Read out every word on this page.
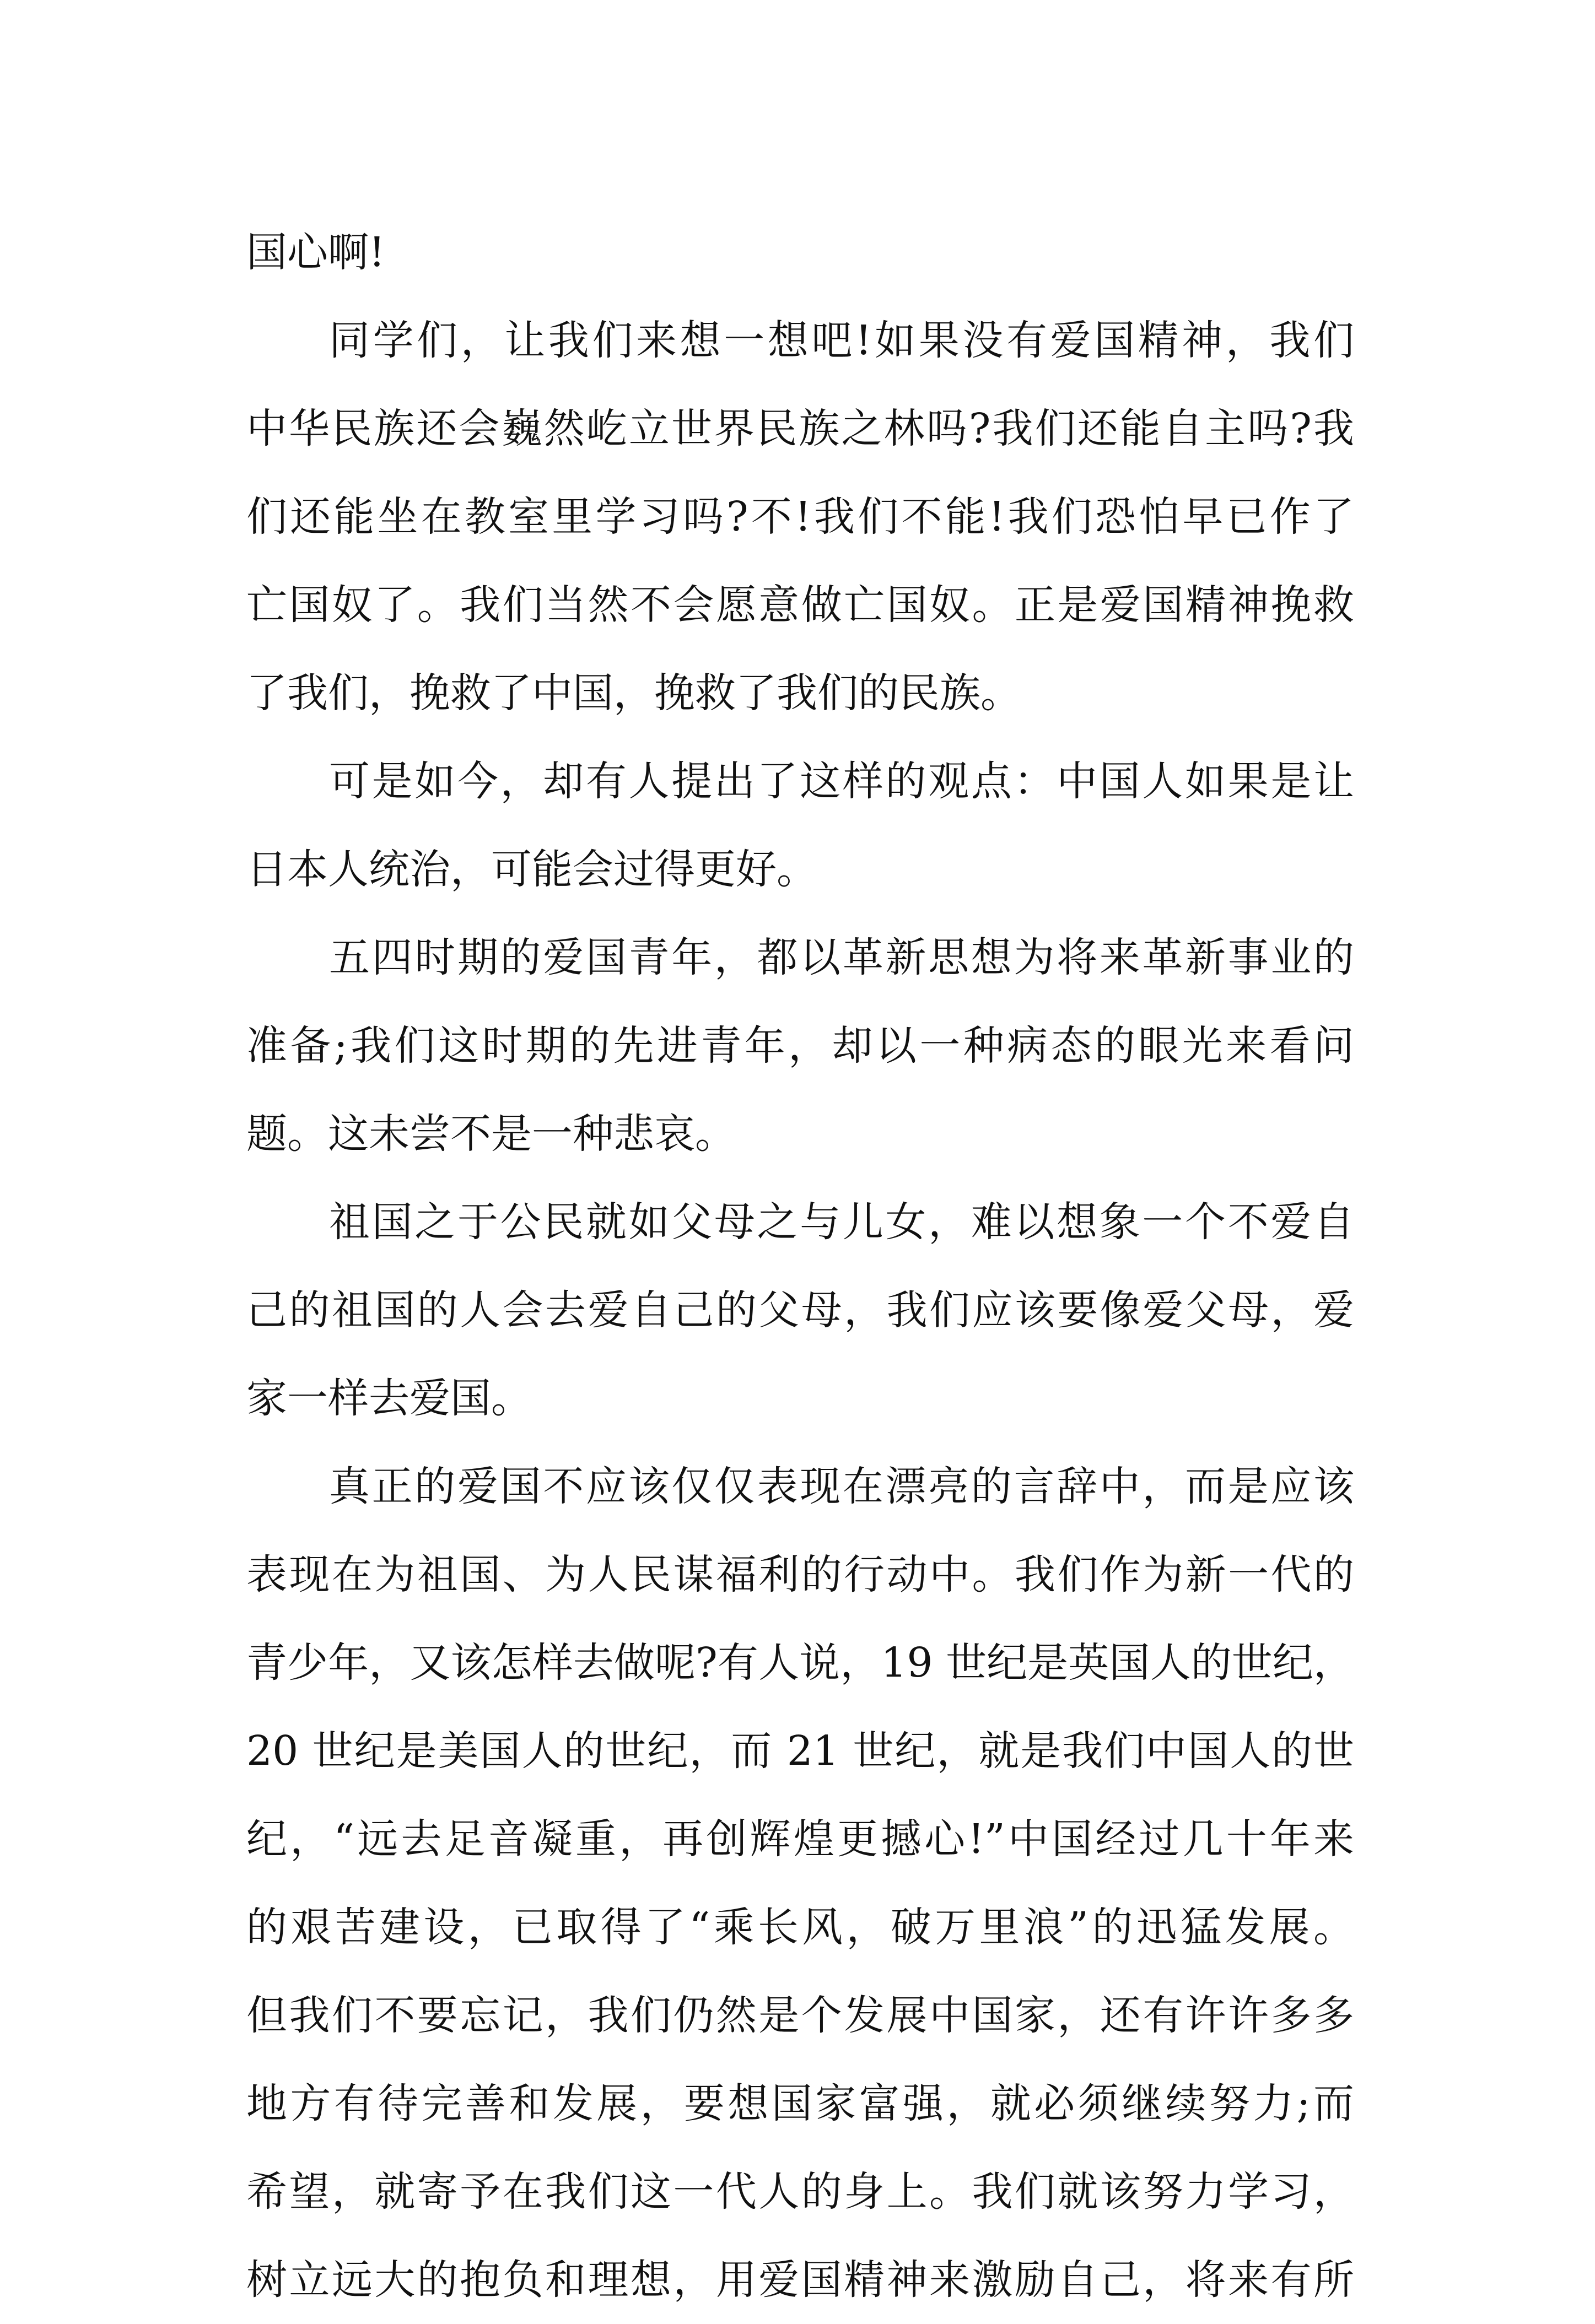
国心啊!
同学们，让我们来想一想吧!如果没有爱国精神，我们
中华民族还会巍然屹立世界民族之林吗?我们还能自主吗?我
们还能坐在教室里学习吗?不!我们不能!我们恐怕早已作了
亡国奴了。我们当然不会愿意做亡国奴。正是爱国精神挽救
了我们，挽救了中国，挽救了我们的民族。
可是如今，却有人提出了这样的观点：中国人如果是让
日本人统治，可能会过得更好。
五四时期的爱国青年，都以革新思想为将来革新事业的
准备;我们这时期的先进青年，却以一种病态的眼光来看问
题。这未尝不是一种悲哀。
祖国之于公民就如父母之与儿女，难以想象一个不爱自
己的祖国的人会去爱自己的父母，我们应该要像爱父母，爱
家一样去爱国。
真正的爱国不应该仅仅表现在漂亮的言辞中，而是应该
表现在为祖国、为人民谋福利的行动中。我们作为新一代的
青少年，又该怎样去做呢?有人说，19 世纪是英国人的世纪，
20 世纪是美国人的世纪，而 21 世纪，就是我们中国人的世
纪，“远去足音凝重，再创辉煌更撼心!”中国经过几十年来
的艰苦建设，已取得了“乘长风，破万里浪”的迅猛发展。
但我们不要忘记，我们仍然是个发展中国家，还有许许多多
地方有待完善和发展，要想国家富强，就必须继续努力;而
希望，就寄予在我们这一代人的身上。我们就该努力学习，
树立远大的抱负和理想，用爱国精神来激励自己，将来有所
